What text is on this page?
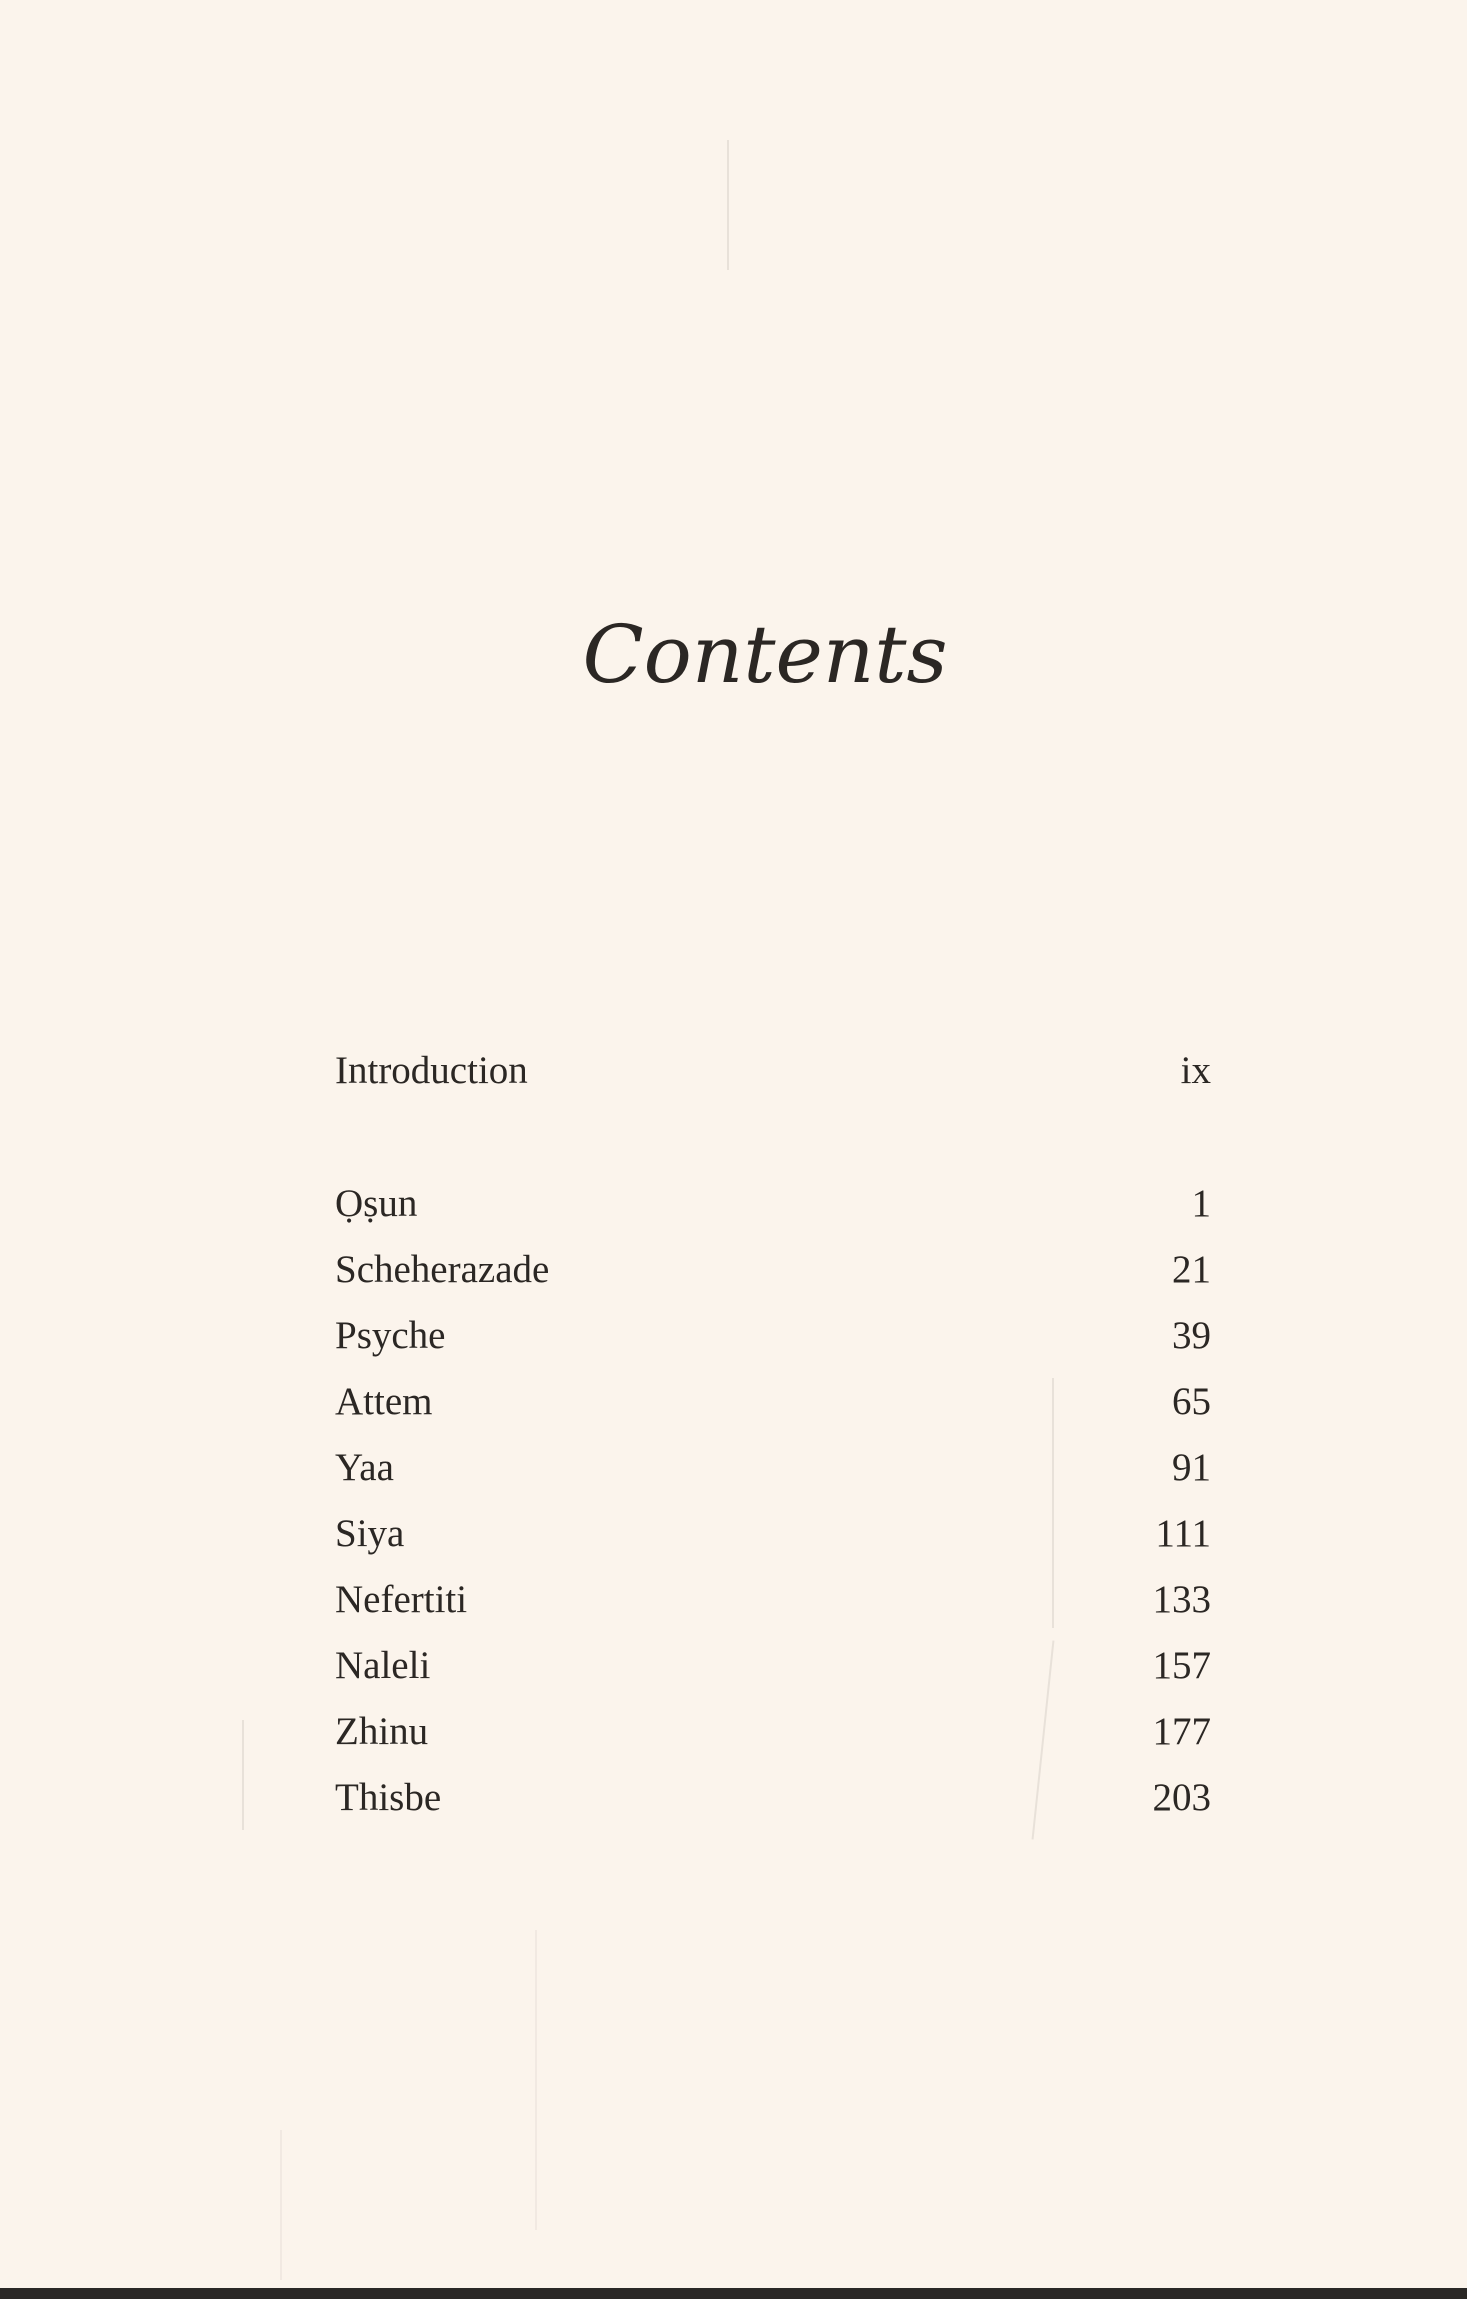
Contents
Introduction	ix
Ọṣun	1
Scheherazade	21
Psyche	39
Attem	65
Yaa	91
Siya	111
Nefertiti	133
Naleli	157
Zhinu	177
Thisbe	203
